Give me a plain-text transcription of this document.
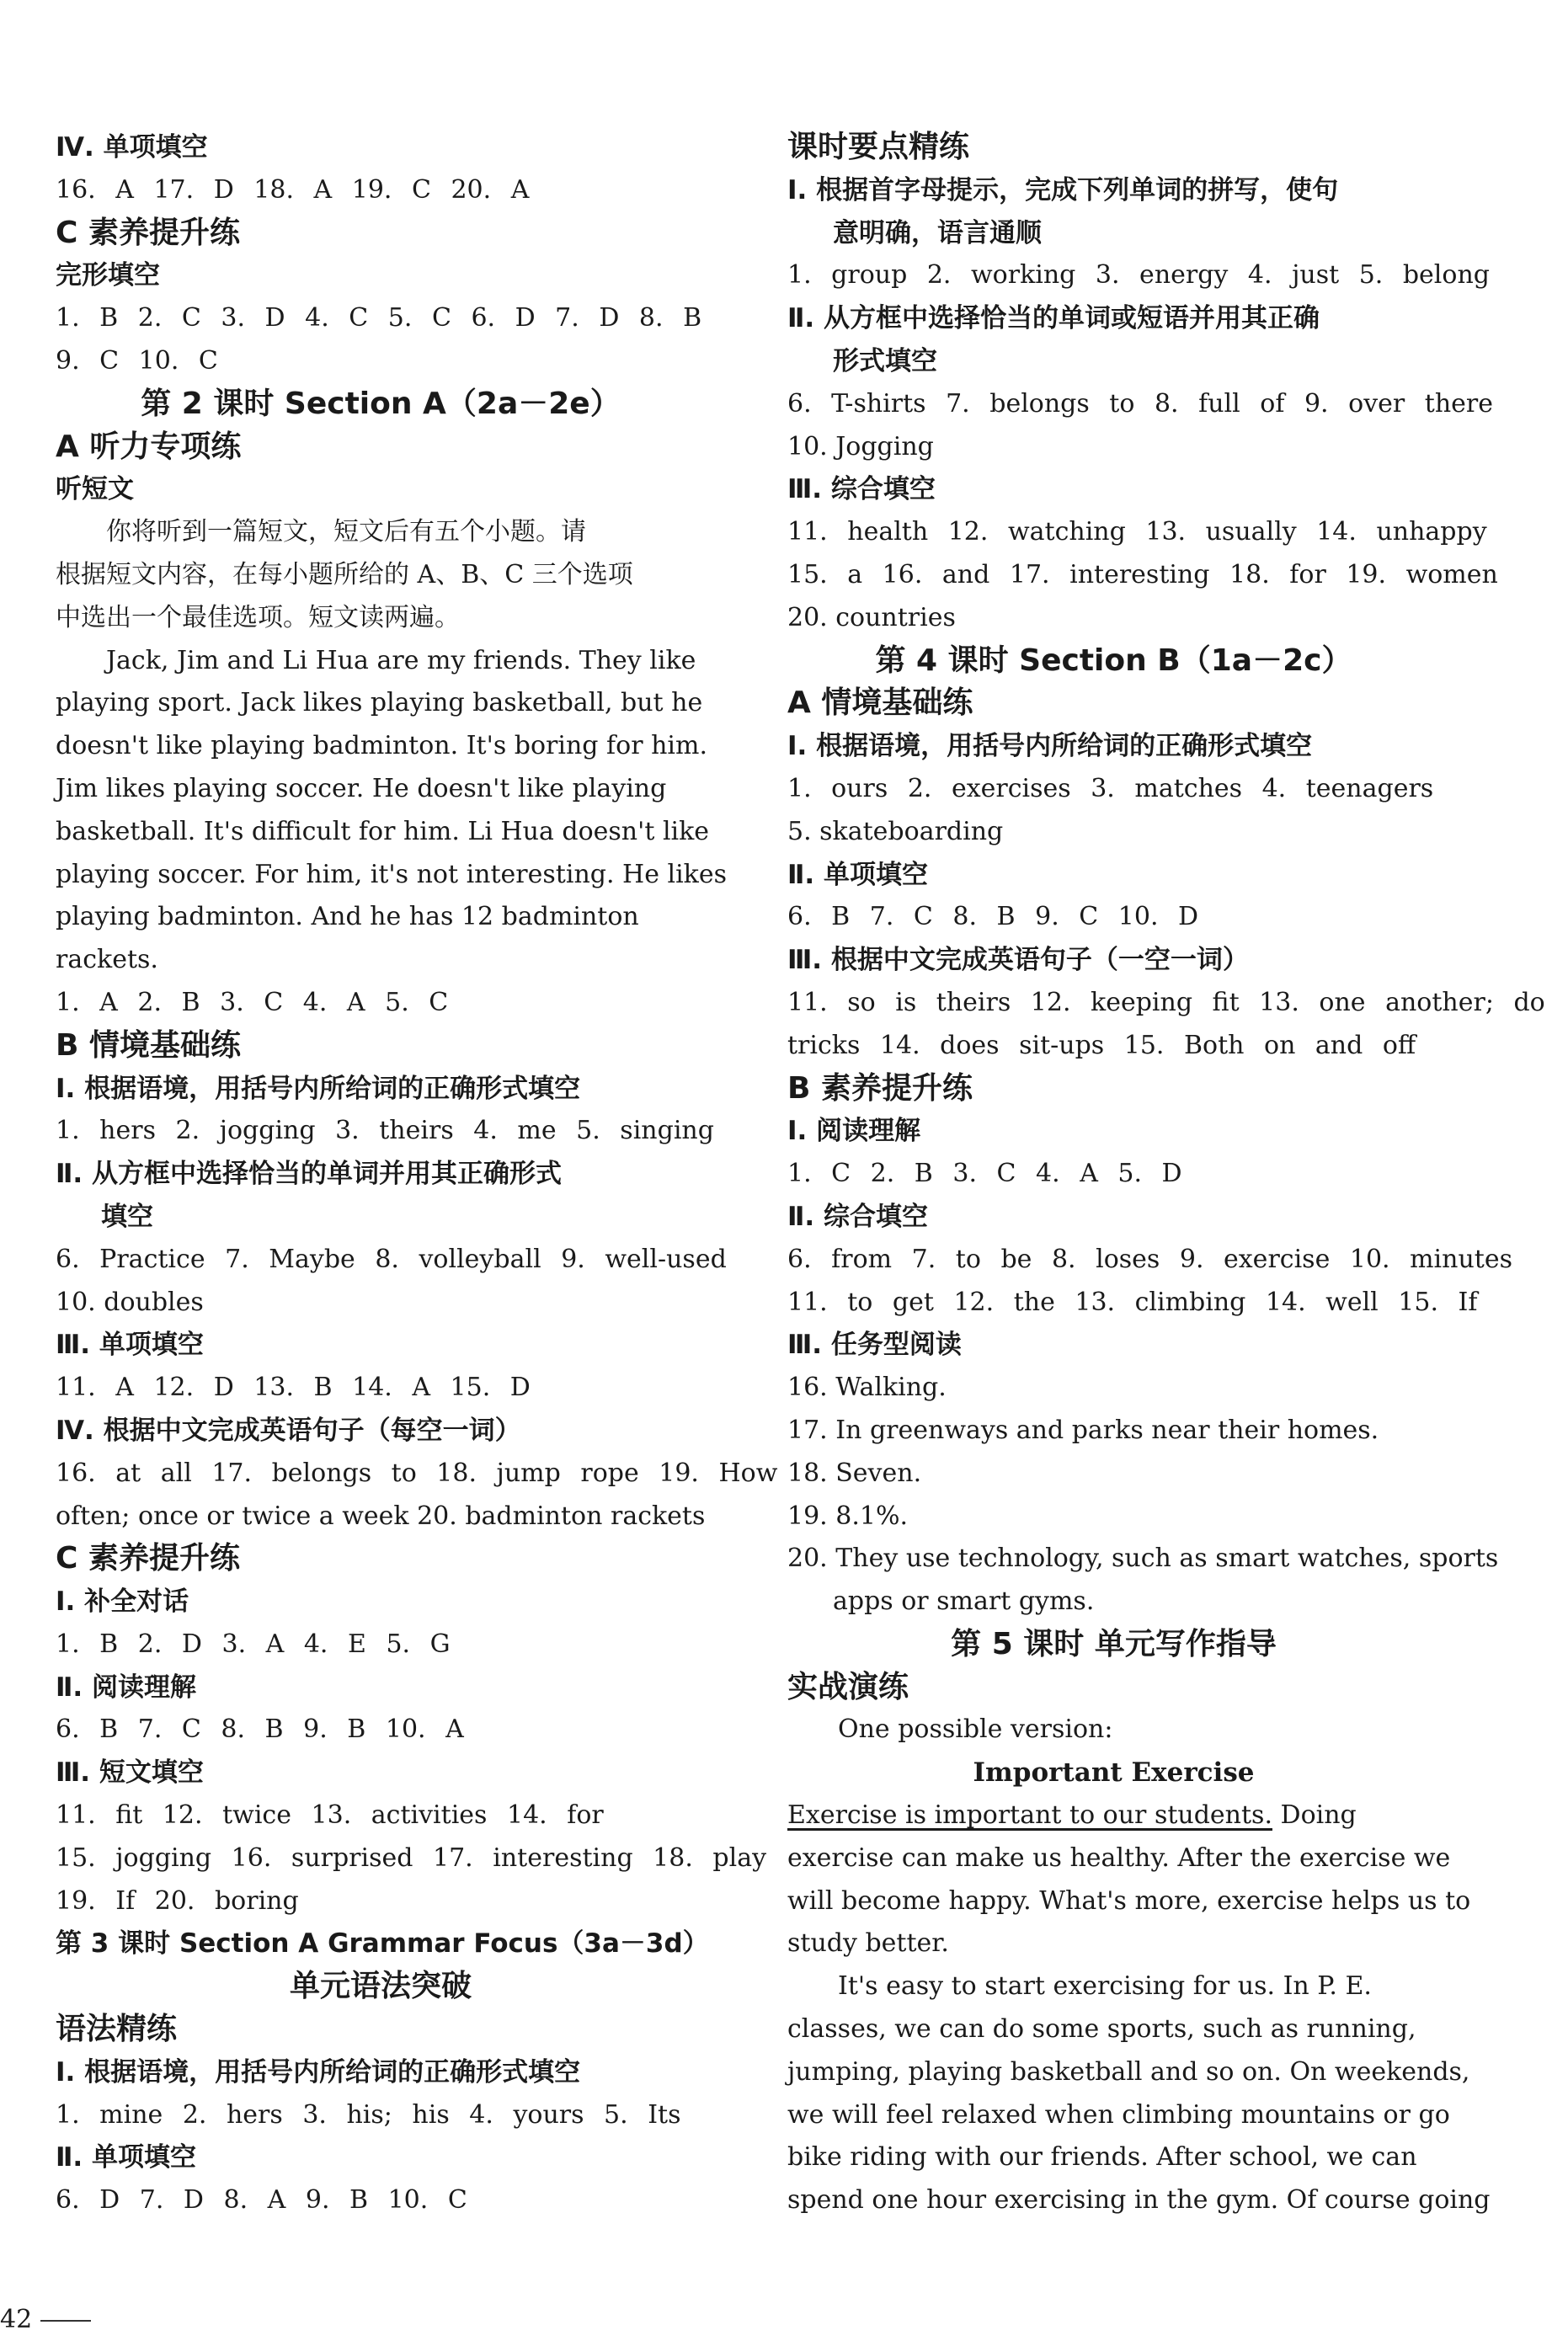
Ⅳ. 单项填空
16. A 17. D 18. A 19. C 20. A
C 素养提升练
完形填空
1. B 2. C 3. D 4. C 5. C 6. D 7. D 8. B
9. C 10. C
第 2 课时 Section A（2a－2e）
A 听力专项练
听短文
你将听到一篇短文，短文后有五个小题。请
根据短文内容，在每小题所给的 A、B、C 三个选项
中选出一个最佳选项。短文读两遍。
Jack, Jim and Li Hua are my friends. They like
playing sport. Jack likes playing basketball, but he
doesn't like playing badminton. It's boring for him.
Jim likes playing soccer. He doesn't like playing
basketball. It's difficult for him. Li Hua doesn't like
playing soccer. For him, it's not interesting. He likes
playing badminton. And he has 12 badminton
rackets.
1. A 2. B 3. C 4. A 5. C
B 情境基础练
Ⅰ. 根据语境，用括号内所给词的正确形式填空
1. hers 2. jogging 3. theirs 4. me 5. singing
Ⅱ. 从方框中选择恰当的单词并用其正确形式
填空
6. Practice 7. Maybe 8. volleyball 9. well-used
10. doubles
Ⅲ. 单项填空
11. A 12. D 13. B 14. A 15. D
Ⅳ. 根据中文完成英语句子（每空一词）
16. at all 17. belongs to 18. jump rope 19. How
often; once or twice a week 20. badminton rackets
C 素养提升练
Ⅰ. 补全对话
1. B 2. D 3. A 4. E 5. G
Ⅱ. 阅读理解
6. B 7. C 8. B 9. B 10. A
Ⅲ. 短文填空
11. fit 12. twice 13. activities 14. for
15. jogging 16. surprised 17. interesting 18. play
19. If 20. boring
第 3 课时 Section A Grammar Focus（3a－3d）
单元语法突破
语法精练
Ⅰ. 根据语境，用括号内所给词的正确形式填空
1. mine 2. hers 3. his; his 4. yours 5. Its
Ⅱ. 单项填空
6. D 7. D 8. A 9. B 10. C
课时要点精练
Ⅰ. 根据首字母提示，完成下列单词的拼写，使句
意明确，语言通顺
1. group 2. working 3. energy 4. just 5. belong
Ⅱ. 从方框中选择恰当的单词或短语并用其正确
形式填空
6. T-shirts 7. belongs to 8. full of 9. over there
10. Jogging
Ⅲ. 综合填空
11. health 12. watching 13. usually 14. unhappy
15. a 16. and 17. interesting 18. for 19. women
20. countries
第 4 课时 Section B（1a－2c）
A 情境基础练
Ⅰ. 根据语境，用括号内所给词的正确形式填空
1. ours 2. exercises 3. matches 4. teenagers
5. skateboarding
Ⅱ. 单项填空
6. B 7. C 8. B 9. C 10. D
Ⅲ. 根据中文完成英语句子（一空一词）
11. so is theirs 12. keeping fit 13. one another; do
tricks 14. does sit-ups 15. Both on and off
B 素养提升练
Ⅰ. 阅读理解
1. C 2. B 3. C 4. A 5. D
Ⅱ. 综合填空
6. from 7. to be 8. loses 9. exercise 10. minutes
11. to get 12. the 13. climbing 14. well 15. If
Ⅲ. 任务型阅读
16. Walking.
17. In greenways and parks near their homes.
18. Seven.
19. 8.1%.
20. They use technology, such as smart watches, sports
apps or smart gyms.
第 5 课时 单元写作指导
实战演练
One possible version:
Important Exercise
Exercise is important to our students. Doing
exercise can make us healthy. After the exercise we
will become happy. What's more, exercise helps us to
study better.
It's easy to start exercising for us. In P. E.
classes, we can do some sports, such as running,
jumping, playing basketball and so on. On weekends,
we will feel relaxed when climbing mountains or go
bike riding with our friends. After school, we can
spend one hour exercising in the gym. Of course going
42
